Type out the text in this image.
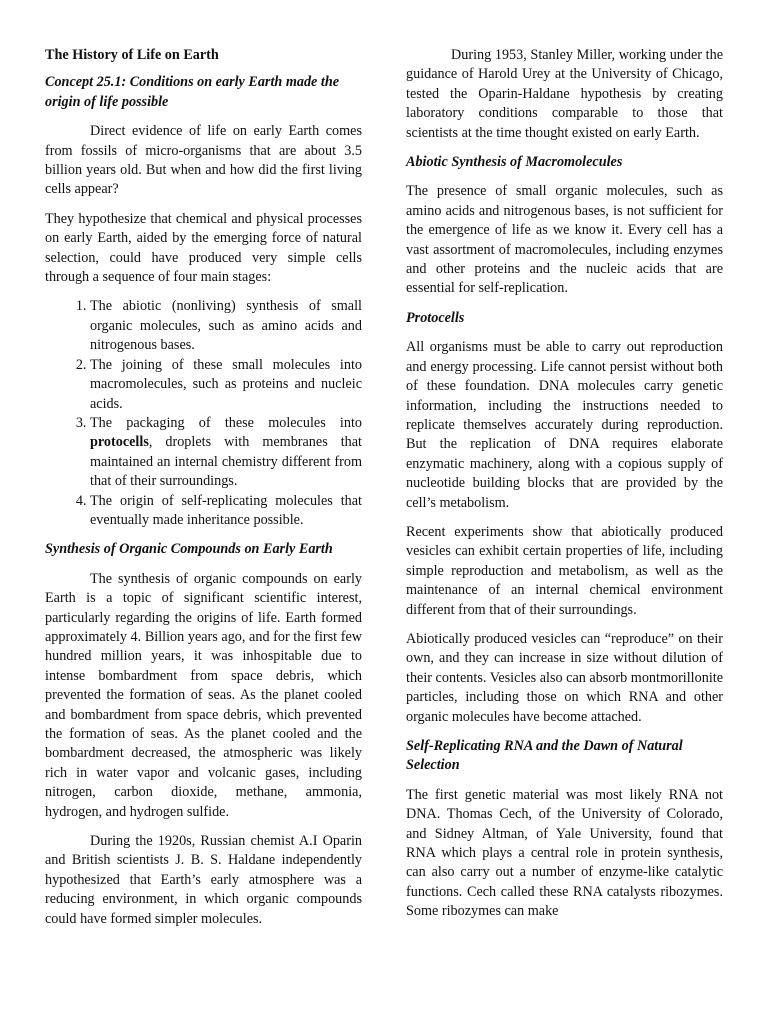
The History of Life on Earth

Concept 25.1: Conditions on early Earth made the origin of life possible

Direct evidence of life on early Earth comes from fossils of micro-organisms that are about 3.5 billion years old. But when and how did the first living cells appear?

They hypothesize that chemical and physical processes on early Earth, aided by the emerging force of natural selection, could have produced very simple cells through a sequence of four main stages:

1. The abiotic (nonliving) synthesis of small organic molecules, such as amino acids and nitrogenous bases.
2. The joining of these small molecules into macromolecules, such as proteins and nucleic acids.
3. The packaging of these molecules into protocells, droplets with membranes that maintained an internal chemistry different from that of their surroundings.
4. The origin of self-replicating molecules that eventually made inheritance possible.

Synthesis of Organic Compounds on Early Earth

The synthesis of organic compounds on early Earth is a topic of significant scientific interest, particularly regarding the origins of life. Earth formed approximately 4. Billion years ago, and for the first few hundred million years, it was inhospitable due to intense bombardment from space debris, which prevented the formation of seas. As the planet cooled and bombardment from space debris, which prevented the formation of seas. As the planet cooled and the bombardment decreased, the atmospheric was likely rich in water vapor and volcanic gases, including nitrogen, carbon dioxide, methane, ammonia, hydrogen, and hydrogen sulfide.

During the 1920s, Russian chemist A.I Oparin and British scientists J. B. S. Haldane independently hypothesized that Earth’s early atmosphere was a reducing environment, in which organic compounds could have formed simpler molecules.

During 1953, Stanley Miller, working under the guidance of Harold Urey at the University of Chicago, tested the Oparin-Haldane hypothesis by creating laboratory conditions comparable to those that scientists at the time thought existed on early Earth.

Abiotic Synthesis of Macromolecules

The presence of small organic molecules, such as amino acids and nitrogenous bases, is not sufficient for the emergence of life as we know it. Every cell has a vast assortment of macromolecules, including enzymes and other proteins and the nucleic acids that are essential for self-replication.

Protocells

All organisms must be able to carry out reproduction and energy processing. Life cannot persist without both of these foundation. DNA molecules carry genetic information, including the instructions needed to replicate themselves accurately during reproduction. But the replication of DNA requires elaborate enzymatic machinery, along with a copious supply of nucleotide building blocks that are provided by the cell’s metabolism.

Recent experiments show that abiotically produced vesicles can exhibit certain properties of life, including simple reproduction and metabolism, as well as the maintenance of an internal chemical environment different from that of their surroundings.

Abiotically produced vesicles can “reproduce” on their own, and they can increase in size without dilution of their contents. Vesicles also can absorb montmorillonite particles, including those on which RNA and other organic molecules have become attached.

Self-Replicating RNA and the Dawn of Natural Selection

The first genetic material was most likely RNA not DNA. Thomas Cech, of the University of Colorado, and Sidney Altman, of Yale University, found that RNA which plays a central role in protein synthesis, can also carry out a number of enzyme-like catalytic functions. Cech called these RNA catalysts ribozymes. Some ribozymes can make
